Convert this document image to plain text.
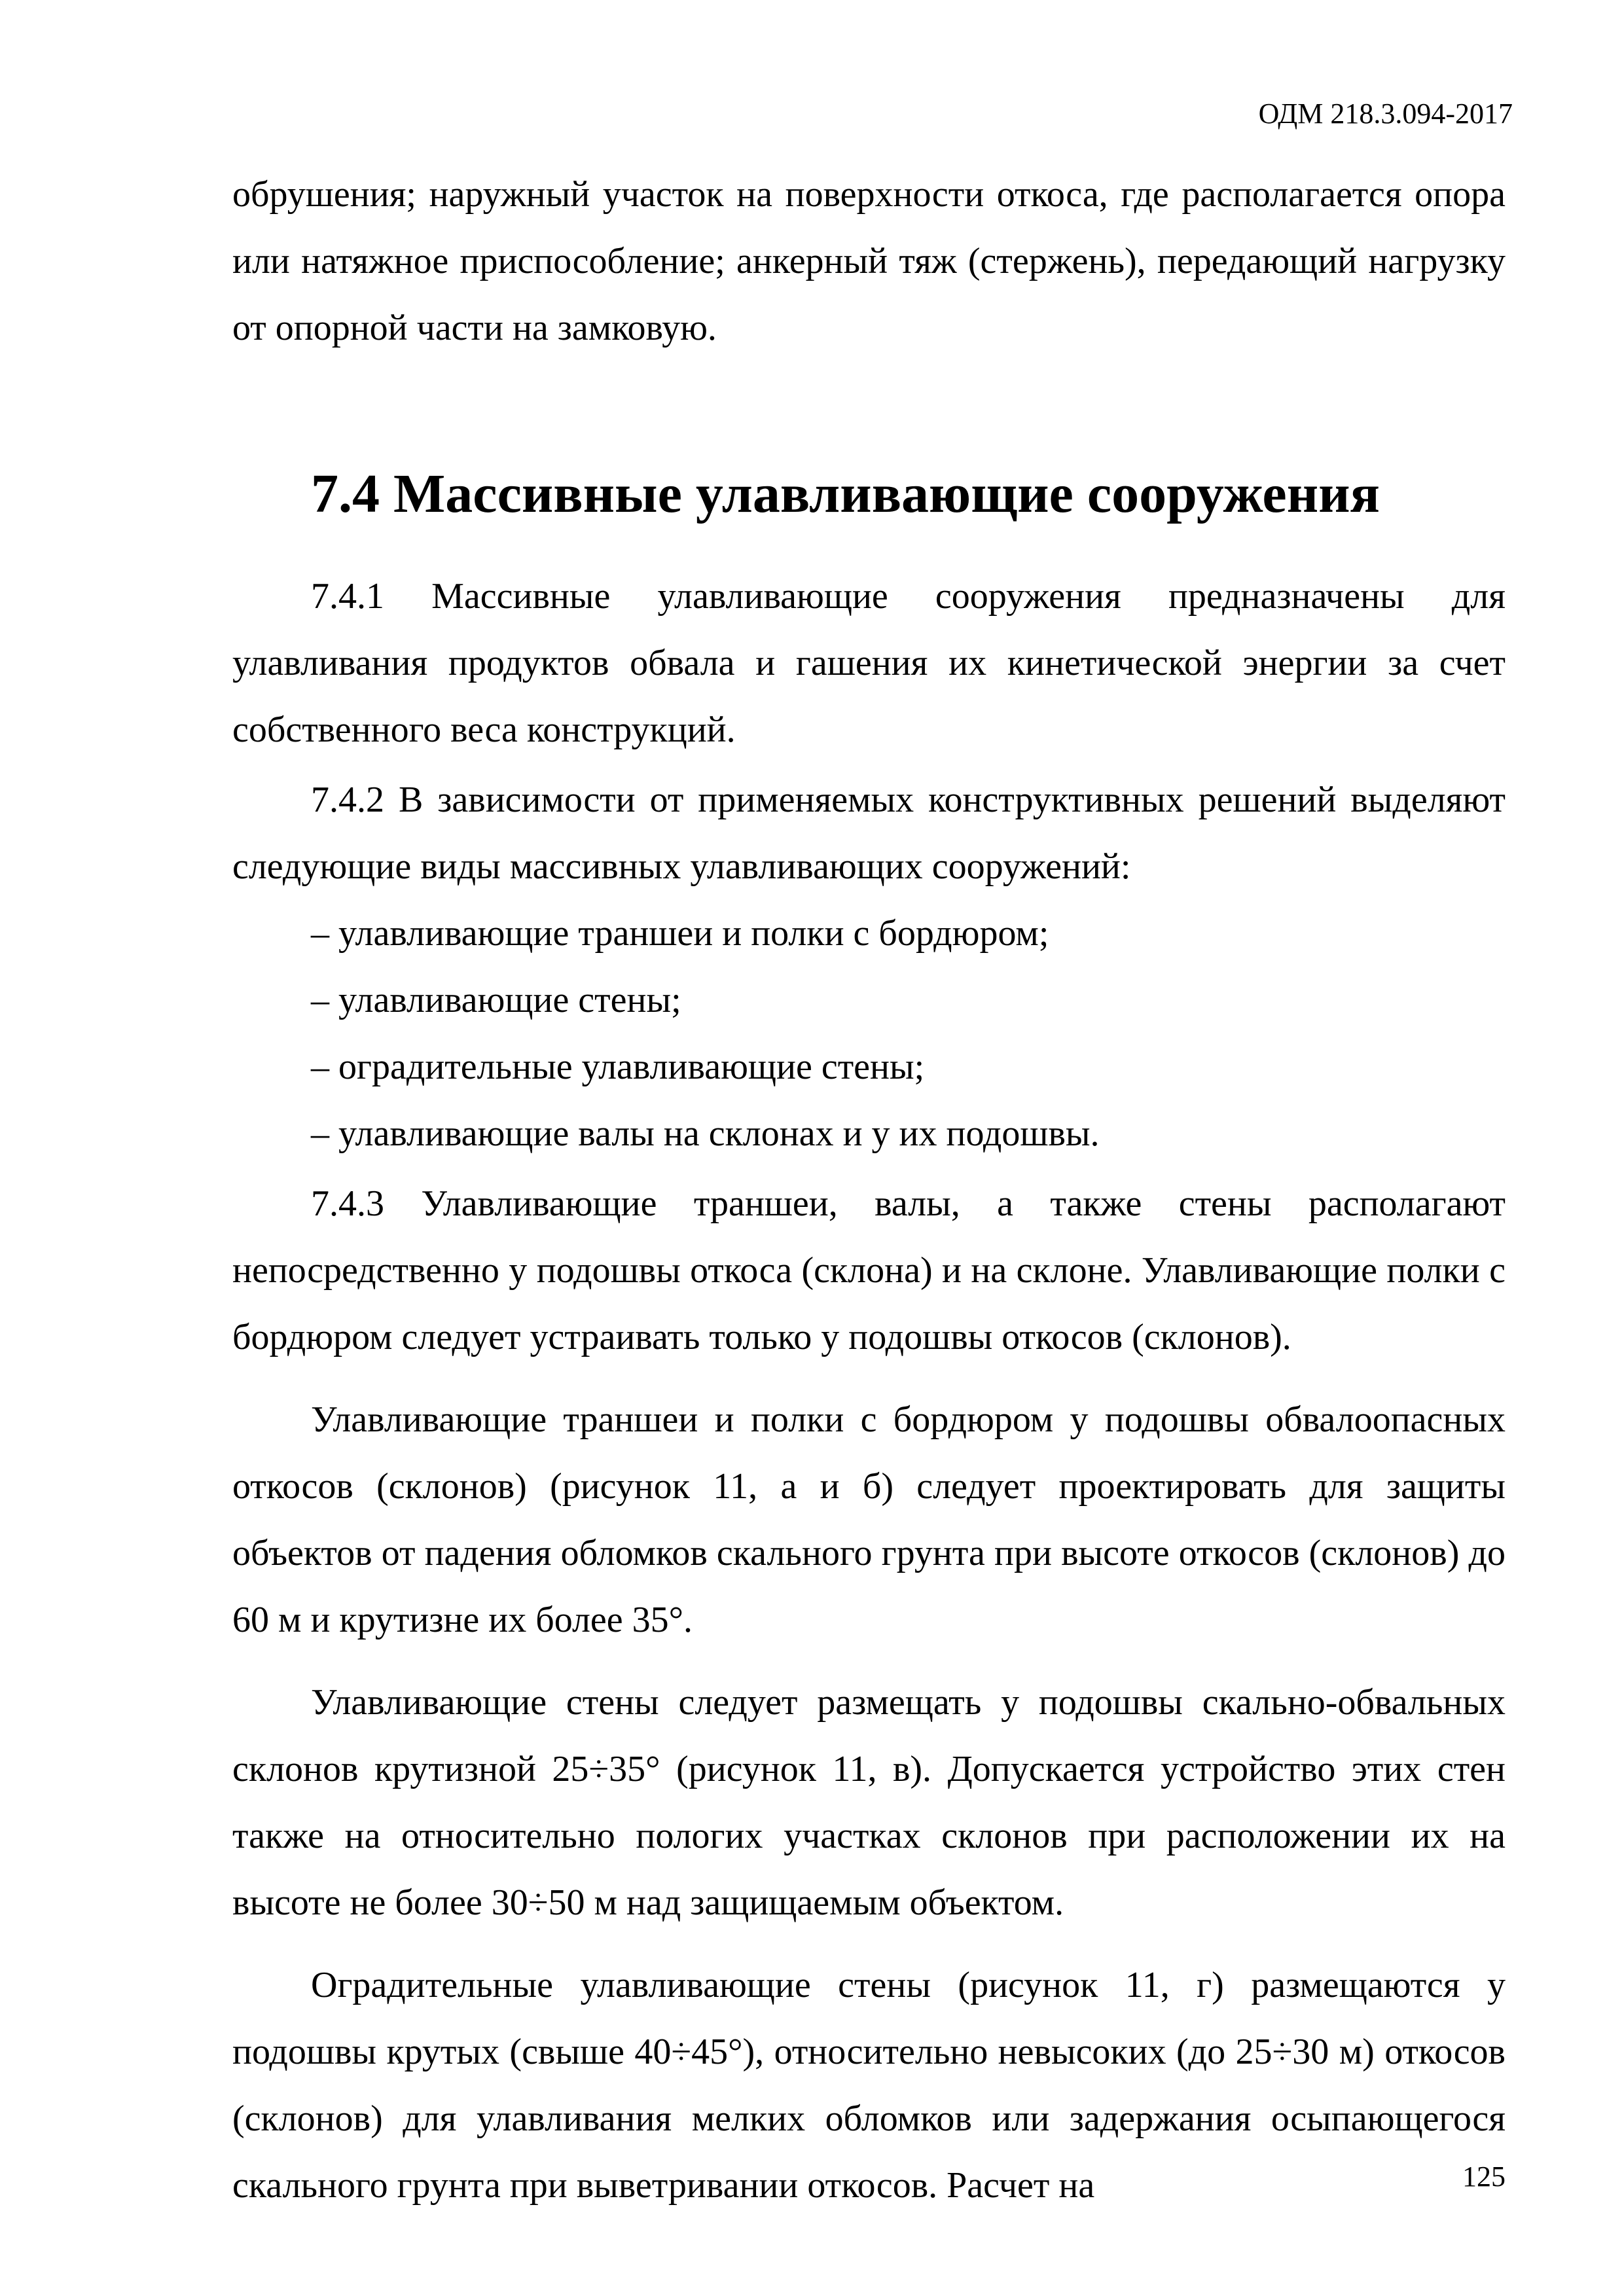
ОДМ 218.3.094-2017

обрушения; наружный участок на поверхности откоса, где располагается опора или натяжное приспособление; анкерный тяж (стержень), передающий нагрузку от опорной части на замковую.

7.4 Массивные улавливающие сооружения

7.4.1 Массивные улавливающие сооружения предназначены для улавливания продуктов обвала и гашения их кинетической энергии за счет собственного веса конструкций.

7.4.2 В зависимости от применяемых конструктивных решений выделяют следующие виды массивных улавливающих сооружений:

– улавливающие траншеи и полки с бордюром;

– улавливающие стены;

– оградительные улавливающие стены;

– улавливающие валы на склонах и у их подошвы.

7.4.3 Улавливающие траншеи, валы, а также стены располагают непосредственно у подошвы откоса (склона) и на склоне. Улавливающие полки с бордюром следует устраивать только у подошвы откосов (склонов).

Улавливающие траншеи и полки с бордюром у подошвы обвалоопасных откосов (склонов) (рисунок 11, а и б) следует проектировать для защиты объектов от падения обломков скального грунта при высоте откосов (склонов) до 60 м и крутизне их более 35°.

Улавливающие стены следует размещать у подошвы скально-обвальных склонов крутизной 25÷35° (рисунок 11, в). Допускается устройство этих стен также на относительно пологих участках склонов при расположении их на высоте не более 30÷50 м над защищаемым объектом.

Оградительные улавливающие стены (рисунок 11, г) размещаются у подошвы крутых (свыше 40÷45°), относительно невысоких (до 25÷30 м) откосов (склонов) для улавливания мелких обломков или задержания осыпающегося скального грунта при выветривании откосов. Расчет на	125
